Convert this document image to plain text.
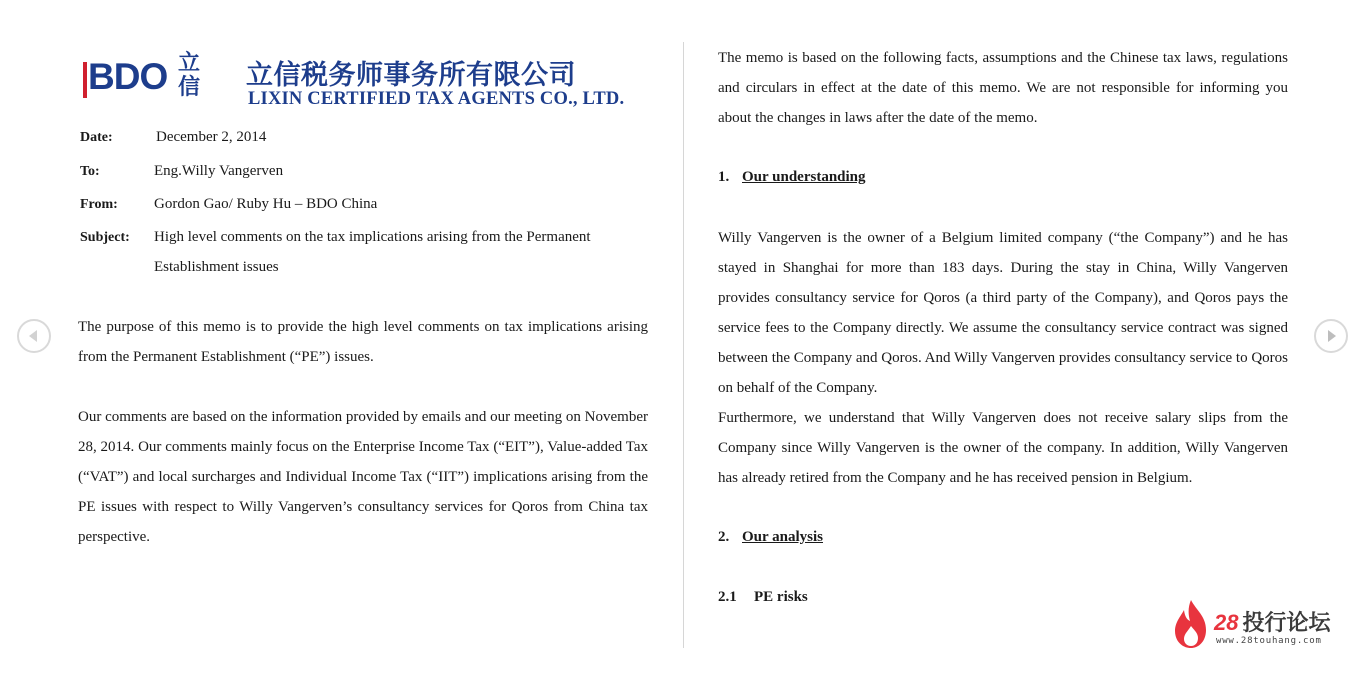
BDO 立信 立信税务师事务所有限公司
LIXIN CERTIFIED TAX AGENTS CO., LTD.
Date:	December 2, 2014
To:	Eng.Willy Vangerven
From: Gordon Gao/ Ruby Hu – BDO China
Subject: High level comments on the tax implications arising from the Permanent Establishment issues
The purpose of this memo is to provide the high level comments on tax implications arising from the Permanent Establishment (“PE”) issues.
Our comments are based on the information provided by emails and our meeting on November 28, 2014. Our comments mainly focus on the Enterprise Income Tax (“EIT”), Value-added Tax (“VAT”) and local surcharges and Individual Income Tax (“IIT”) implications arising from the PE issues with respect to Willy Vangerven’s consultancy services for Qoros from China tax perspective.
The memo is based on the following facts, assumptions and the Chinese tax laws, regulations and circulars in effect at the date of this memo. We are not responsible for informing you about the changes in laws after the date of the memo.
1. Our understanding
Willy Vangerven is the owner of a Belgium limited company (“the Company”) and he has stayed in Shanghai for more than 183 days. During the stay in China, Willy Vangerven provides consultancy service for Qoros (a third party of the Company), and Qoros pays the service fees to the Company directly. We assume the consultancy service contract was signed between the Company and Qoros. And Willy Vangerven provides consultancy service to Qoros on behalf of the Company.
Furthermore, we understand that Willy Vangerven does not receive salary slips from the Company since Willy Vangerven is the owner of the company. In addition, Willy Vangerven has already retired from the Company and he has received pension in Belgium.
2. Our analysis
2.1 PE risks
28 投行论坛
www.28touhang.com
